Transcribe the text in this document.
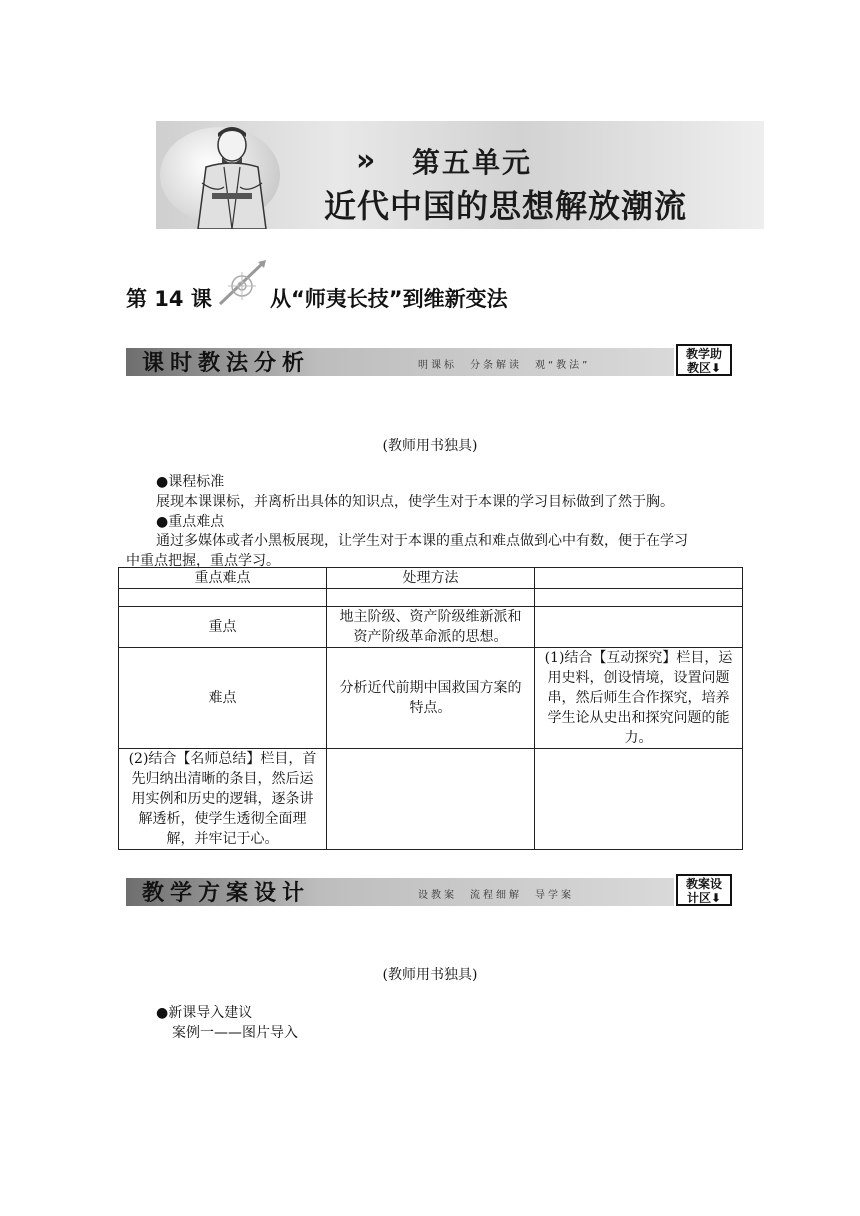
» 第五单元
近代中国的思想解放潮流
第 14 课	从“师夷长技”到维新变法
课时教法分析	明课标　分条解读　观“教法”
教学助
教区⬇
(教师用书独具)
●课程标准
展现本课课标，并离析出具体的知识点，使学生对于本课的学习目标做到了然于胸。
●重点难点
通过多媒体或者小黑板展现，让学生对于本课的重点和难点做到心中有数，便于在学习
中重点把握，重点学习。
重点难点	处理方法	

重点	地主阶级、资产阶级维新派和资产阶级革命派的思想。	
难点	分析近代前期中国救国方案的特点。	(1)结合【互动探究】栏目，运用史料，创设情境，设置问题串，然后师生合作探究，培养学生论从史出和探究问题的能力。
(2)结合【名师总结】栏目，首先归纳出清晰的条目，然后运用实例和历史的逻辑，逐条讲解透析，使学生透彻全面理解，并牢记于心。		
教学方案设计	设教案　流程细解　导学案
教案设
计区⬇
(教师用书独具)
●新课导入建议
案例一——图片导入
